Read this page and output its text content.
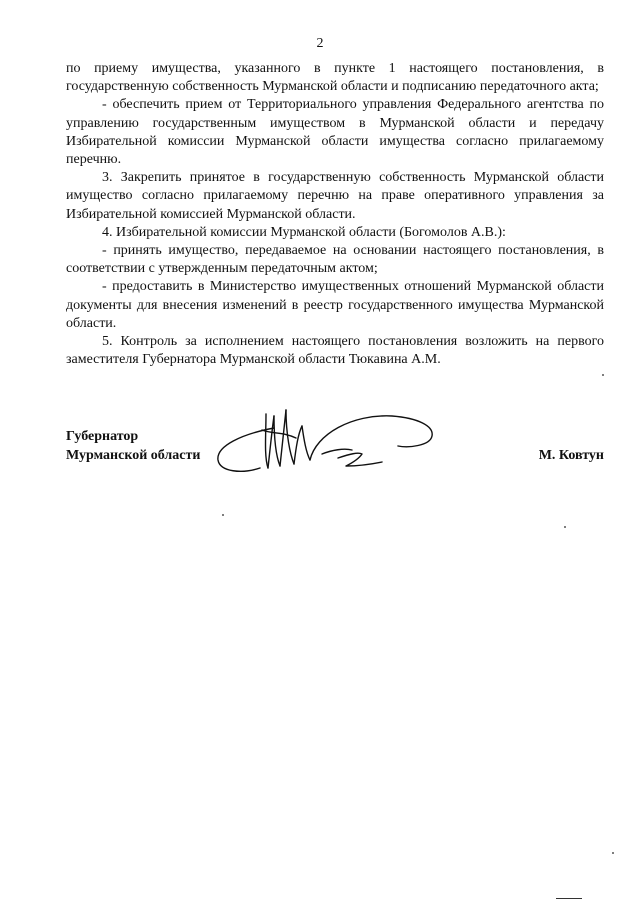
2

по приему имущества, указанного в пункте 1 настоящего постановления, в государственную собственность Мурманской области и подписанию передаточного акта;

- обеспечить прием от Территориального управления Федерального агентства по управлению государственным имуществом в Мурманской области и передачу Избирательной комиссии Мурманской области имущества согласно прилагаемому перечню.

3. Закрепить принятое в государственную собственность Мурманской области имущество согласно прилагаемому перечню на праве оперативного управления за Избирательной комиссией Мурманской области.

4. Избирательной комиссии Мурманской области (Богомолов А.В.):

- принять имущество, передаваемое на основании настоящего постановления, в соответствии с утвержденным передаточным актом;

- предоставить в Министерство имущественных отношений Мурманской области документы для внесения изменений в реестр государственного имущества Мурманской области.

5. Контроль за исполнением настоящего постановления возложить на первого заместителя Губернатора Мурманской области Тюкавина А.М.

Губернатор
Мурманской области	М. Ковтун
